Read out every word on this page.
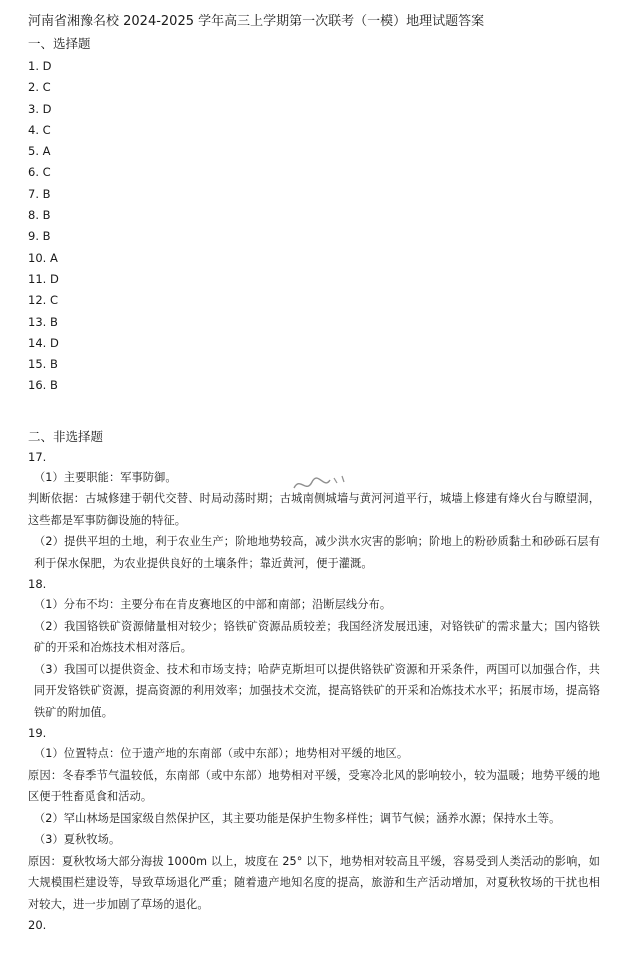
河南省湘豫名校 2024-2025 学年高三上学期第一次联考（一模）地理试题答案
一、选择题
1. D
2. C
3. D
4. C
5. A
6. C
7. B
8. B
9. B
10. A
11. D
12. C
13. B
14. D
15. B
16. B
二、非选择题
17.

（1）主要职能：军事防御。

判断依据：古城修建于朝代交替、时局动荡时期；古城南侧城墙与黄河河道平行，城墙上修建有烽火台与瞭望洞，这些都是军事防御设施的特征。

（2）提供平坦的土地，利于农业生产；阶地地势较高，减少洪水灾害的影响；阶地上的粉砂质黏土和砂砾石层有利于保水保肥，为农业提供良好的土壤条件；靠近黄河，便于灌溉。

18.

（1）分布不均：主要分布在肯皮赛地区的中部和南部；沿断层线分布。

（2）我国铬铁矿资源储量相对较少；铬铁矿资源品质较差；我国经济发展迅速，对铬铁矿的需求量大；国内铬铁矿的开采和冶炼技术相对落后。

（3）我国可以提供资金、技术和市场支持；哈萨克斯坦可以提供铬铁矿资源和开采条件，两国可以加强合作，共同开发铬铁矿资源，提高资源的利用效率；加强技术交流，提高铬铁矿的开采和冶炼技术水平；拓展市场，提高铬铁矿的附加值。

19.

（1）位置特点：位于遗产地的东南部（或中东部）；地势相对平缓的地区。

原因：冬春季节气温较低，东南部（或中东部）地势相对平缓，受寒冷北风的影响较小，较为温暖；地势平缓的地区便于牲畜觅食和活动。

（2）罕山林场是国家级自然保护区，其主要功能是保护生物多样性；调节气候；涵养水源；保持水土等。

（3）夏秋牧场。

原因：夏秋牧场大部分海拔 1000m 以上，坡度在 25° 以下，地势相对较高且平缓，容易受到人类活动的影响，如大规模围栏建设等，导致草场退化严重；随着遗产地知名度的提高，旅游和生产活动增加，对夏秋牧场的干扰也相对较大，进一步加剧了草场的退化。

20.
